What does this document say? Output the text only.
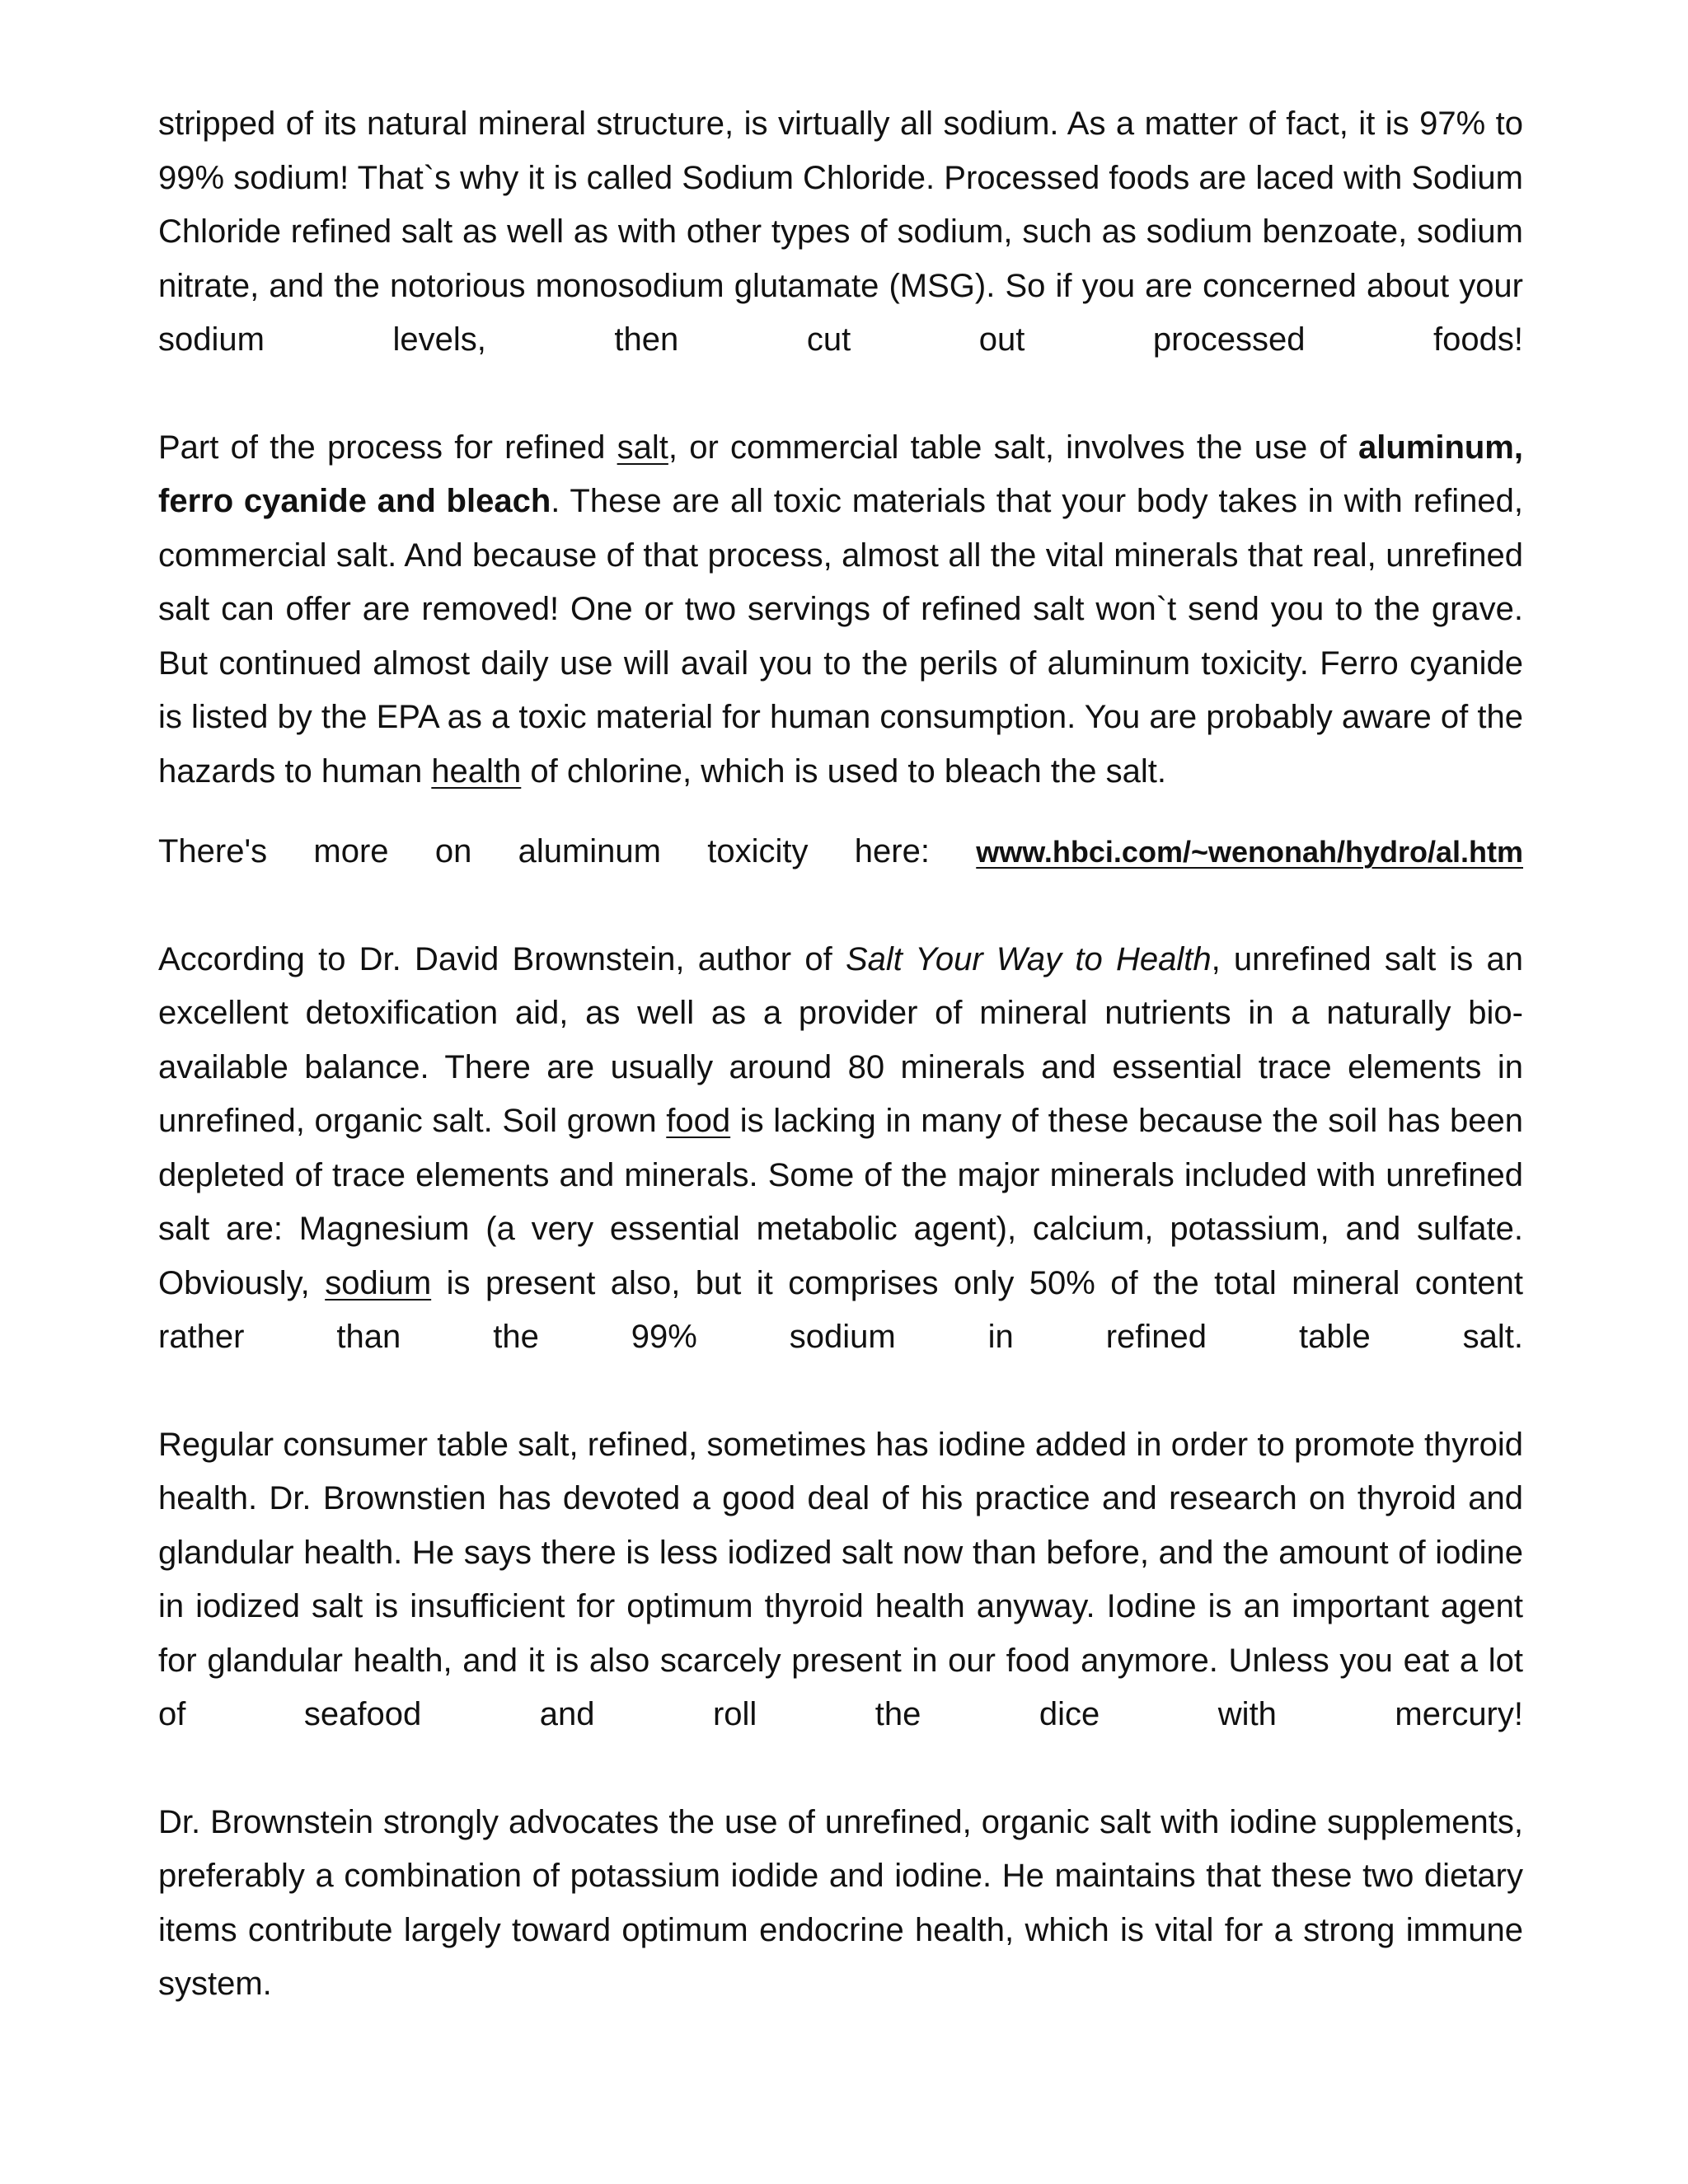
stripped of its natural mineral structure, is virtually all sodium. As a matter of fact, it is 97% to 99% sodium! That`s why it is called Sodium Chloride. Processed foods are laced with Sodium Chloride refined salt as well as with other types of sodium, such as sodium benzoate, sodium nitrate, and the notorious monosodium glutamate (MSG). So if you are concerned about your sodium levels, then cut out processed foods!

Part of the process for refined salt, or commercial table salt, involves the use of aluminum, ferro cyanide and bleach. These are all toxic materials that your body takes in with refined, commercial salt. And because of that process, almost all the vital minerals that real, unrefined salt can offer are removed! One or two servings of refined salt won`t send you to the grave. But continued almost daily use will avail you to the perils of aluminum toxicity. Ferro cyanide is listed by the EPA as a toxic material for human consumption. You are probably aware of the hazards to human health of chlorine, which is used to bleach the salt.

There's more on aluminum toxicity here: www.hbci.com/~wenonah/hydro/al.htm

According to Dr. David Brownstein, author of Salt Your Way to Health, unrefined salt is an excellent detoxification aid, as well as a provider of mineral nutrients in a naturally bio-available balance. There are usually around 80 minerals and essential trace elements in unrefined, organic salt. Soil grown food is lacking in many of these because the soil has been depleted of trace elements and minerals. Some of the major minerals included with unrefined salt are: Magnesium (a very essential metabolic agent), calcium, potassium, and sulfate. Obviously, sodium is present also, but it comprises only 50% of the total mineral content rather than the 99% sodium in refined table salt.

Regular consumer table salt, refined, sometimes has iodine added in order to promote thyroid health. Dr. Brownstien has devoted a good deal of his practice and research on thyroid and glandular health. He says there is less iodized salt now than before, and the amount of iodine in iodized salt is insufficient for optimum thyroid health anyway. Iodine is an important agent for glandular health, and it is also scarcely present in our food anymore. Unless you eat a lot of seafood and roll the dice with mercury!

Dr. Brownstein strongly advocates the use of unrefined, organic salt with iodine supplements, preferably a combination of potassium iodide and iodine. He maintains that these two dietary items contribute largely toward optimum endocrine health, which is vital for a strong immune system.
